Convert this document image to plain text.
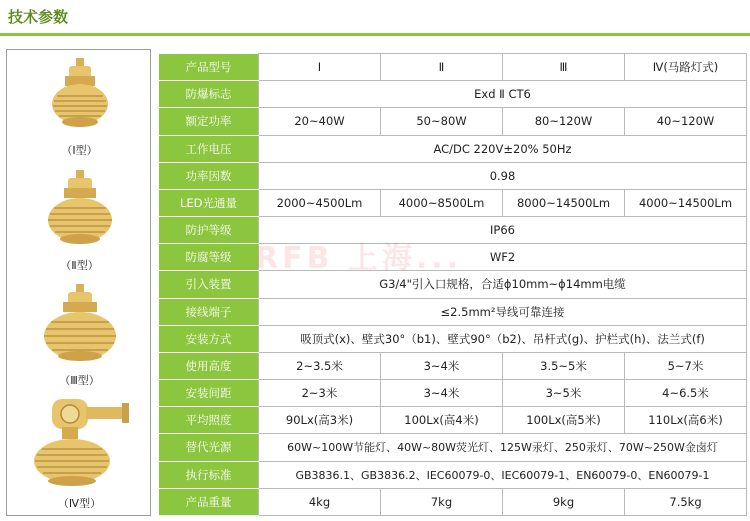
技术参数
（Ⅰ型）
（Ⅱ型）
（Ⅲ型）
（Ⅳ型）
产品型号	Ⅰ	Ⅱ	Ⅲ	Ⅳ(马路灯式)
防爆标志	Exd Ⅱ CT6			
额定功率	20~40W	50~80W	80~120W	40~120W
工作电压	AC/DC 220V±20% 50Hz			
功率因数	0.98			
LED光通量	2000~4500Lm	4000~8500Lm	8000~14500Lm	4000~14500Lm
防护等级	IP66			
防腐等级	WF2			
引入装置	G3/4"引入口规格，合适ϕ10mm~ϕ14mm电缆			
接线端子	≤2.5mm²导线可靠连接			
安装方式	吸顶式(x)、壁式30°（b1)、壁式90°（b2)、吊杆式(g)、护栏式(h)、法兰式(f)			
使用高度	2~3.5米	3~4米	3.5~5米	5~7米
安装间距	2~3米	3~4米	3~5米	4~6.5米
平均照度	90Lx(高3米)	100Lx(高4米)	100Lx(高5米)	110Lx(高6米)
替代光源	60W~100W节能灯、40W~80W荧光灯、125W汞灯、250汞灯、70W~250W金卤灯			
执行标准	GB3836.1、GB3836.2、IEC60079-0、IEC60079-1、EN60079-0、EN60079-1			
产品重量	4kg	7kg	9kg	7.5kg
RFB 上海...
